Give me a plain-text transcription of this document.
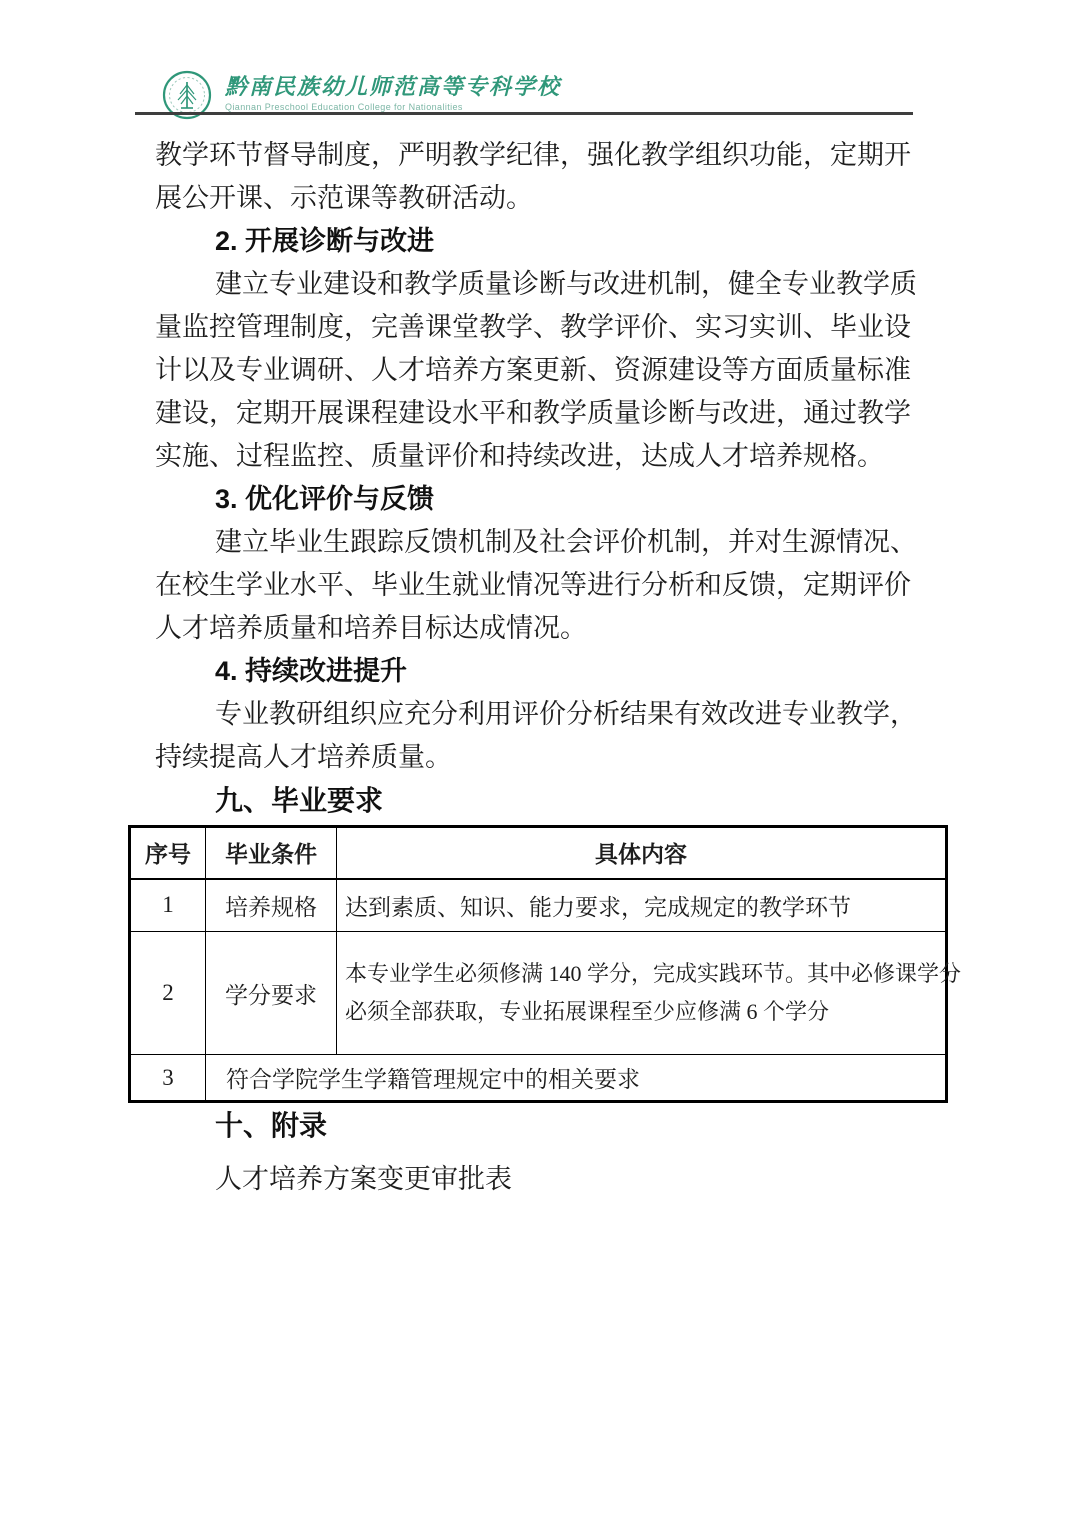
黔南民族幼儿师范高等专科学校
Qiannan Preschool Education College for Nationalities
教学环节督导制度，严明教学纪律，强化教学组织功能，定期开
展公开课、示范课等教研活动。
2. 开展诊断与改进
建立专业建设和教学质量诊断与改进机制，健全专业教学质
量监控管理制度，完善课堂教学、教学评价、实习实训、毕业设
计以及专业调研、人才培养方案更新、资源建设等方面质量标准
建设，定期开展课程建设水平和教学质量诊断与改进，通过教学
实施、过程监控、质量评价和持续改进，达成人才培养规格。
3. 优化评价与反馈
建立毕业生跟踪反馈机制及社会评价机制，并对生源情况、
在校生学业水平、毕业生就业情况等进行分析和反馈，定期评价
人才培养质量和培养目标达成情况。
4. 持续改进提升
专业教研组织应充分利用评价分析结果有效改进专业教学，
持续提高人才培养质量。
九、毕业要求
序号	毕业条件	具体内容
1	培养规格	达到素质、知识、能力要求，完成规定的教学环节
2	学分要求	本专业学生必须修满 140 学分，完成实践环节。其中必修课学分
必须全部获取，专业拓展课程至少应修满 6 个学分

3	符合学院学生学籍管理规定中的相关要求	
十、附录
人才培养方案变更审批表
